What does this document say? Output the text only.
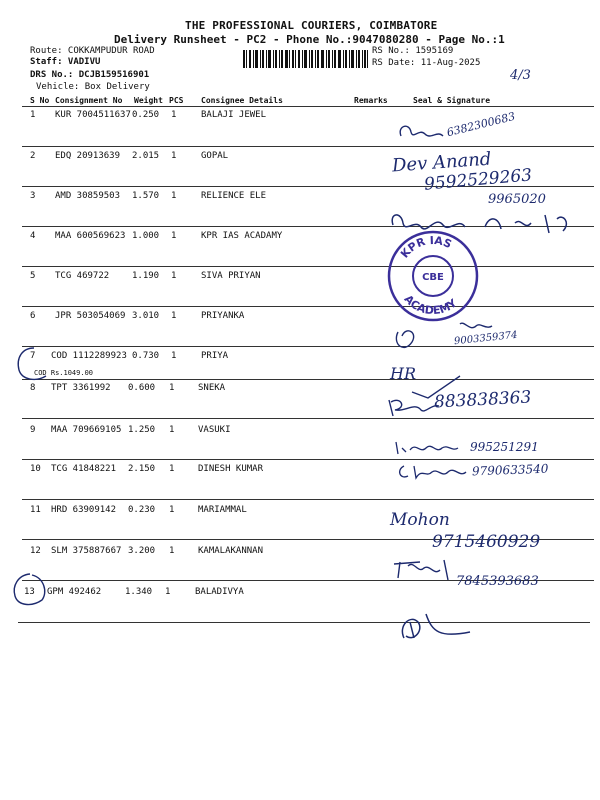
THE PROFESSIONAL COURIERS, COIMBATORE
Delivery Runsheet - PC2 - Phone No.:9047080280 - Page No.:1
Route: COKKAMPUDUR ROAD
Staff: VADIVU
DRS No.: DCJB159516901
Vehicle: Box Delivery
RS No.: 1595169
RS Date: 11-Aug-2025
4/3
S No Consignment No Weight PCS Consignee Details	Remarks	Seal & Signature
1 KUR 7004511637 0.250 1	BALAJI JEWEL
2 EDQ 20913639 2.015 1	GOPAL
3 AMD 30859503 1.570 1	RELIENCE ELE
4 MAA 600569623 1.000 1	KPR IAS ACADAMY
5 TCG 469722	1.190 1	SIVA PRIYAN
6 JPR 503054069 3.010 1	PRIYANKA
7 COD 1112289923 0.730 1	PRIYA
COD Rs.1049.00
8 TPT 3361992 0.600 1	SNEKA
9 MAA 709669105 1.250 1	VASUKI
10 TCG 41848221 2.150 1	DINESH KUMAR
11 HRD 63909142 0.230 1	MARIAMMAL
12 SLM 375887667 3.200 1	KAMALAKANNAN
13 GPM 492462	1.340 1	BALADIVYA
6382300683
Dev Anand
9592529263
9965020
KPR IAS
CBE
ACADEMY
9003359374
HR
883838363
995251291
9790633540
Mohon
9715460929
7845393683
